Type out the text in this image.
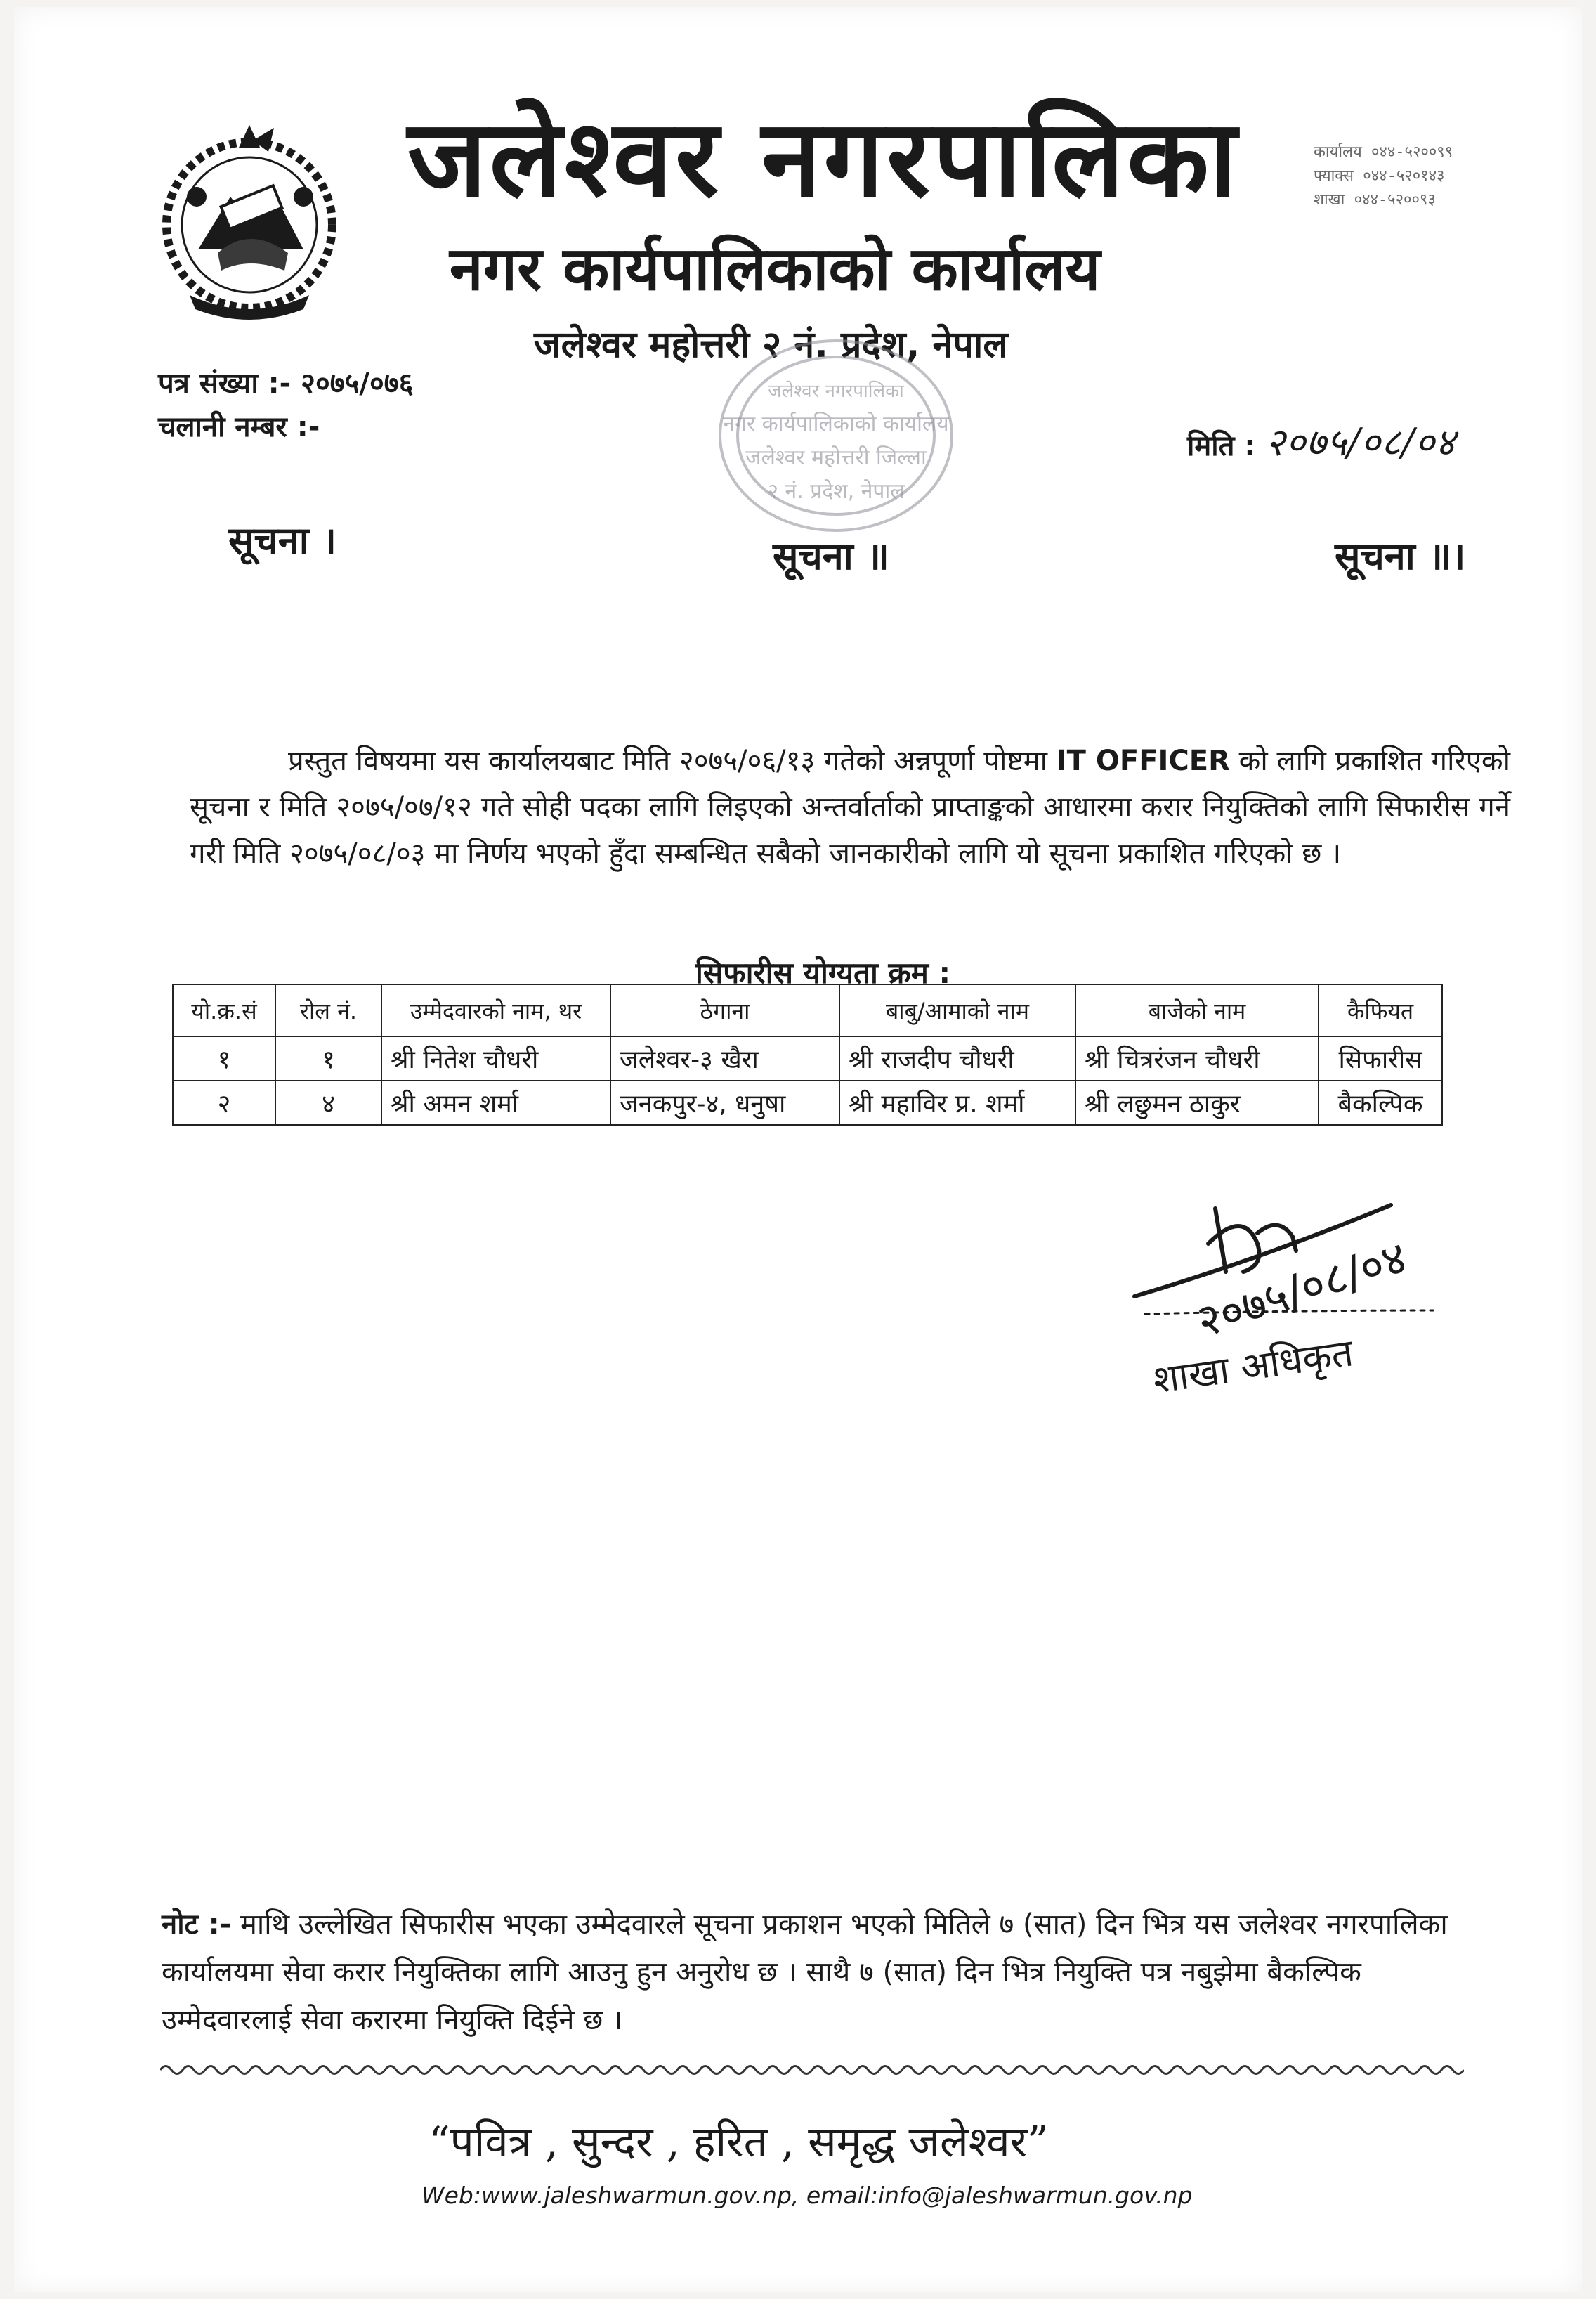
जलेश्वर नगरपालिका
नगर कार्यपालिकाको कार्यालय
जलेश्वर महोत्तरी २ नं. प्रदेश, नेपाल
कार्यालय ०४४-५२००९९
फ्याक्स ०४४-५२०१४३
शाखा ०४४-५२००९३
जलेश्वर नगरपालिका
नगर कार्यपालिकाको कार्यालय
जलेश्वर महोत्तरी जिल्ला
२ नं. प्रदेश, नेपाल
पत्र संख्या :- २०७५/०७६
चलानी नम्बर :-
मिति : २०७५/०८/०४
सूचना ।	सूचना ॥	सूचना ॥।
प्रस्तुत विषयमा यस कार्यालयबाट मिति २०७५/०६/१३ गतेको अन्नपूर्णा पोष्टमा IT OFFICER को लागि प्रकाशित गरिएको सूचना र मिति २०७५/०७/१२ गते सोही पदका लागि लिइएको अन्तर्वार्ताको प्राप्ताङ्कको आधारमा करार नियुक्तिको लागि सिफारीस गर्ने गरी मिति २०७५/०८/०३ मा निर्णय भएको हुँदा सम्बन्धित सबैको जानकारीको लागि यो सूचना प्रकाशित गरिएको छ ।
सिफारीस योग्यता क्रम :
यो.क्र.सं	रोल नं.	उम्मेदवारको नाम, थर	ठेगाना	बाबु/आमाको नाम	बाजेको नाम	कैफियत
१	१	श्री नितेश चौधरी	जलेश्वर-३ खैरा	श्री राजदीप चौधरी	श्री चित्ररंजन चौधरी	सिफारीस
२	४	श्री अमन शर्मा	जनकपुर-४, धनुषा	श्री महाविर प्र. शर्मा	श्री लछुमन ठाकुर	बैकल्पिक
२०७५/०८/०४
शाखा अधिकृत
नोट :- माथि उल्लेखित सिफारीस भएका उम्मेदवारले सूचना प्रकाशन भएको मितिले ७ (सात) दिन भित्र यस जलेश्वर नगरपालिका कार्यालयमा सेवा करार नियुक्तिका लागि आउनु हुन अनुरोध छ । साथै ७ (सात) दिन भित्र नियुक्ति पत्र नबुझेमा बैकल्पिक उम्मेदवारलाई सेवा करारमा नियुक्ति दिईने छ ।
“पवित्र , सुन्दर , हरित , समृद्ध जलेश्वर”
Web:www.jaleshwarmun.gov.np, email:info@jaleshwarmun.gov.np
